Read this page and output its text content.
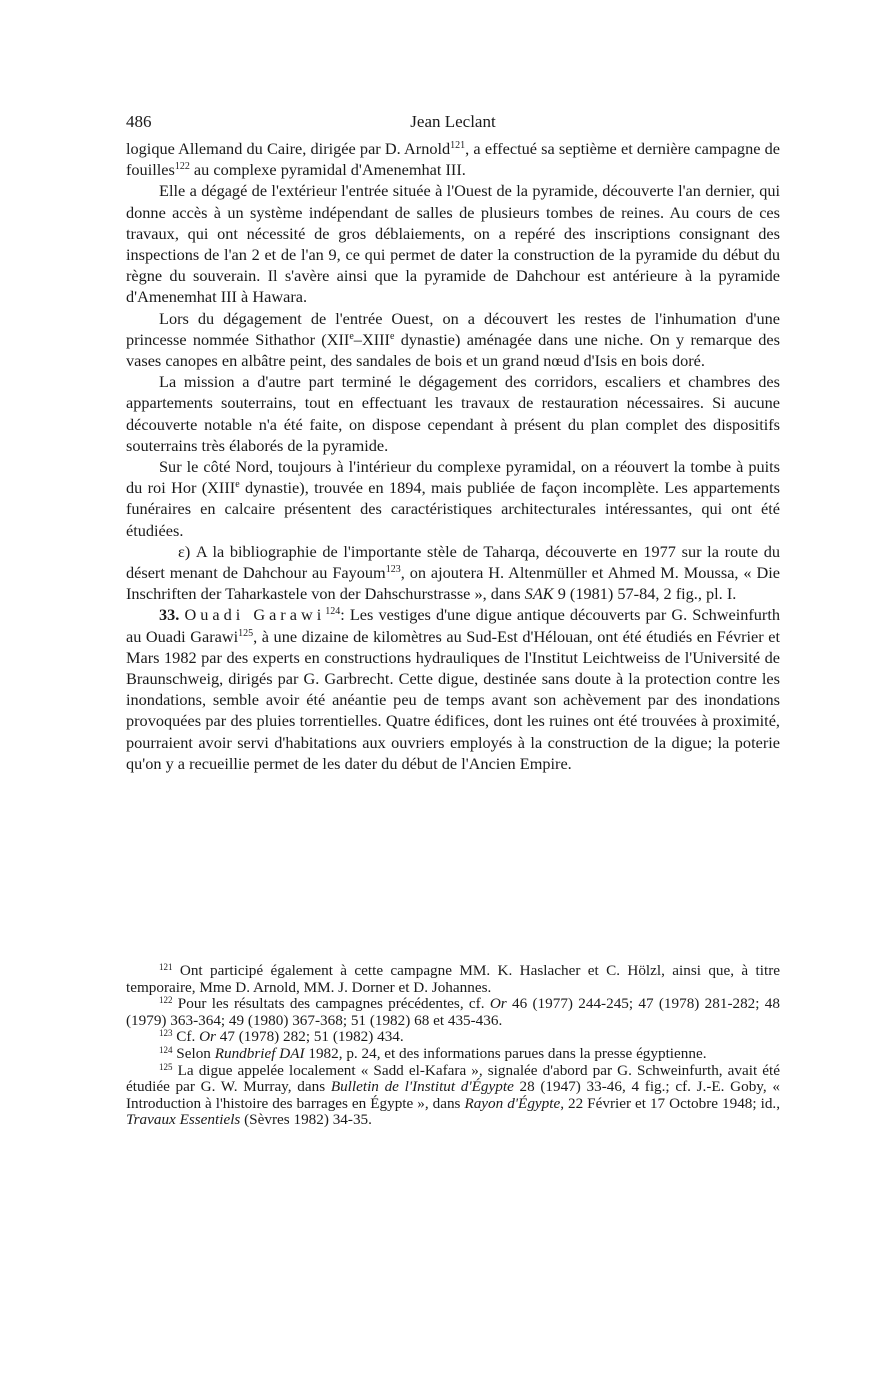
486	Jean Leclant

logique Allemand du Caire, dirigée par D. Arnold$^{121}$, a effectué sa septième et dernière campagne de fouilles$^{122}$ au complexe pyramidal d'Amenemhat III.

Elle a dégagé de l'extérieur l'entrée située à l'Ouest de la pyramide, découverte l'an dernier, qui donne accès à un système indépendant de salles de plusieurs tombes de reines. Au cours de ces travaux, qui ont nécessité de gros déblaiements, on a repéré des inscriptions consignant des inspections de l'an 2 et de l'an 9, ce qui permet de dater la construction de la pyramide du début du règne du souverain. Il s'avère ainsi que la pyramide de Dahchour est antérieure à la pyramide d'Amenemhat III à Hawara.

Lors du dégagement de l'entrée Ouest, on a découvert les restes de l'inhumation d'une princesse nommée Sithathor (XIIe–XIIIe dynastie) aménagée dans une niche. On y remarque des vases canopes en albâtre peint, des sandales de bois et un grand nœud d'Isis en bois doré.

La mission a d'autre part terminé le dégagement des corridors, escaliers et chambres des appartements souterrains, tout en effectuant les travaux de restauration nécessaires. Si aucune découverte notable n'a été faite, on dispose cependant à présent du plan complet des dispositifs souterrains très élaborés de la pyramide.

Sur le côté Nord, toujours à l'intérieur du complexe pyramidal, on a réouvert la tombe à puits du roi Hor (XIIIe dynastie), trouvée en 1894, mais publiée de façon incomplète. Les appartements funéraires en calcaire présentent des caractéristiques architecturales intéressantes, qui ont été étudiées.

ε) A la bibliographie de l'importante stèle de Taharqa, découverte en 1977 sur la route du désert menant de Dahchour au Fayoum$^{123}$, on ajoutera H. Altenmüller et Ahmed M. Moussa, « Die Inschriften der Taharkastele von der Dahschurstrasse », dans SAK 9 (1981) 57-84, 2 fig., pl. I.

33. Ouadi Garawi$^{124}$: Les vestiges d'une digue antique découverts par G. Schweinfurth au Ouadi Garawi$^{125}$, à une dizaine de kilomètres au Sud-Est d'Hélouan, ont été étudiés en Février et Mars 1982 par des experts en constructions hydrauliques de l'Institut Leichtweiss de l'Université de Braunschweig, dirigés par G. Garbrecht. Cette digue, destinée sans doute à la protection contre les inondations, semble avoir été anéantie peu de temps avant son achèvement par des inondations provoquées par des pluies torrentielles. Quatre édifices, dont les ruines ont été trouvées à proximité, pourraient avoir servi d'habitations aux ouvriers employés à la construction de la digue; la poterie qu'on y a recueillie permet de les dater du début de l'Ancien Empire.

$^{121}$ Ont participé également à cette campagne MM. K. Haslacher et C. Hölzl, ainsi que, à titre temporaire, Mme D. Arnold, MM. J. Dorner et D. Johannes.

$^{122}$ Pour les résultats des campagnes précédentes, cf. Or 46 (1977) 244-245; 47 (1978) 281-282; 48 (1979) 363-364; 49 (1980) 367-368; 51 (1982) 68 et 435-436.

$^{123}$ Cf. Or 47 (1978) 282; 51 (1982) 434.

$^{124}$ Selon Rundbrief DAI 1982, p. 24, et des informations parues dans la presse égyptienne.

$^{125}$ La digue appelée localement « Sadd el-Kafara », signalée d'abord par G. Schweinfurth, avait été étudiée par G. W. Murray, dans Bulletin de l'Institut d'Égypte 28 (1947) 33-46, 4 fig.; cf. J.-E. Goby, « Introduction à l'histoire des barrages en Égypte », dans Rayon d'Égypte, 22 Février et 17 Octobre 1948; id., Travaux Essentiels (Sèvres 1982) 34-35.
